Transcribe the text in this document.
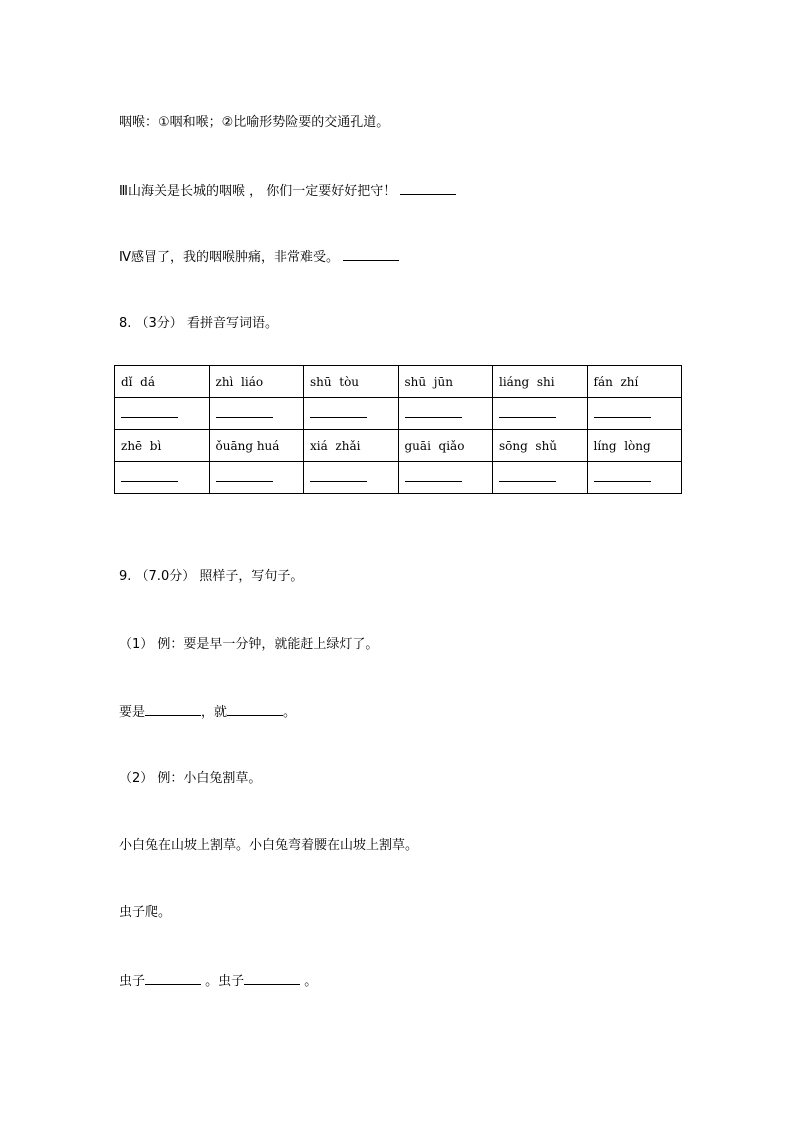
咽喉：①咽和喉；②比喻形势险要的交通孔道。
Ⅲ山海关是长城的咽喉 ， 你们一定要好好把守！
Ⅳ感冒了，我的咽喉肿痛，非常难受。
8. （3分） 看拼音写词语。
dǐ  dá	zhì  liáo	shū  tòu	shū  jūn	liáng  shi	fán  zhí

zhē  bì	ǒuāng huá	xiá  zhǎi	guāi  qiǎo	sōng  shǔ	líng  lòng

9. （7.0分） 照样子，写句子。
（1） 例：要是早一分钟，就能赶上绿灯了。
要是	，就	。
（2） 例：小白兔割草。
小白兔在山坡上割草。小白兔弯着腰在山坡上割草。
虫子爬。
虫子	。虫子	。
